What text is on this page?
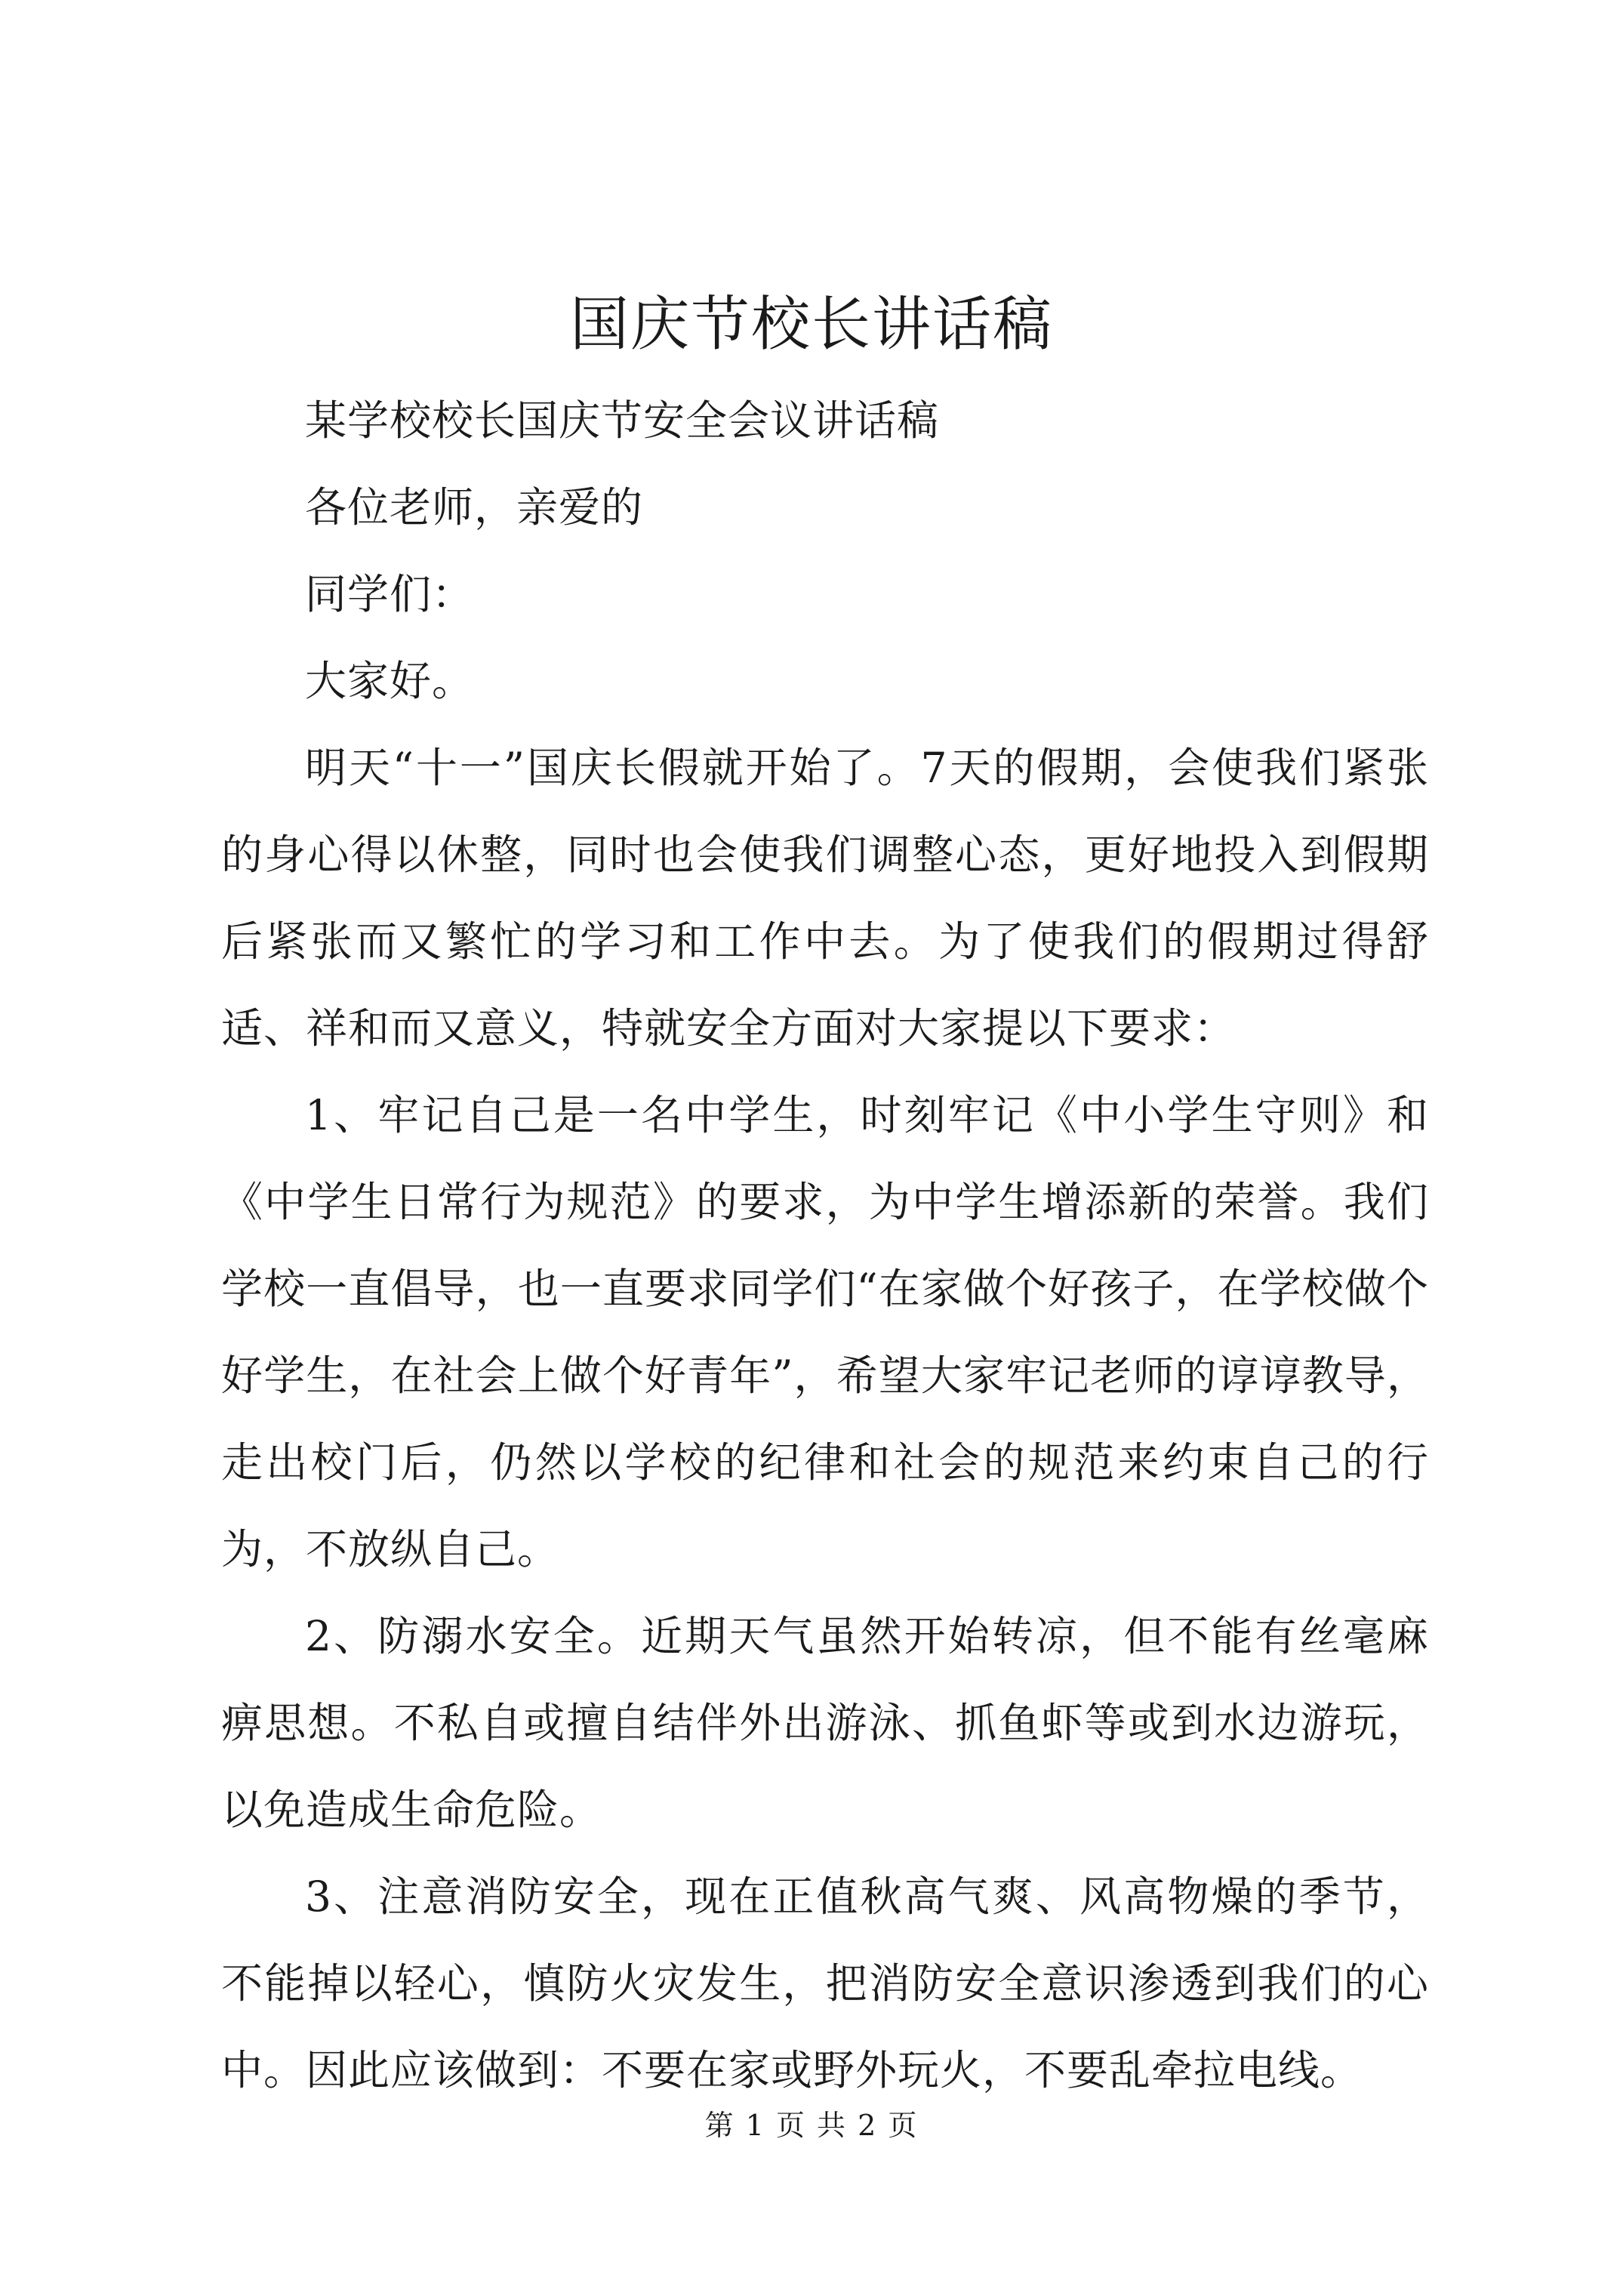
国庆节校长讲话稿

某学校校长国庆节安全会议讲话稿

各位老师，亲爱的

同学们：

大家好。

明天“十一”国庆长假就开始了。7天的假期，会使我们紧张的身心得以休整，同时也会使我们调整心态，更好地投入到假期后紧张而又繁忙的学习和工作中去。为了使我们的假期过得舒适、祥和而又意义，特就安全方面对大家提以下要求：

1、牢记自己是一名中学生，时刻牢记《中小学生守则》和《中学生日常行为规范》的要求，为中学生增添新的荣誉。我们学校一直倡导，也一直要求同学们“在家做个好孩子，在学校做个好学生，在社会上做个好青年”，希望大家牢记老师的谆谆教导，走出校门后，仍然以学校的纪律和社会的规范来约束自己的行为，不放纵自己。

2、防溺水安全。近期天气虽然开始转凉，但不能有丝毫麻痹思想。不私自或擅自结伴外出游泳、抓鱼虾等或到水边游玩，以免造成生命危险。

3、注意消防安全，现在正值秋高气爽、风高物燥的季节，不能掉以轻心，慎防火灾发生，把消防安全意识渗透到我们的心中。因此应该做到：不要在家或野外玩火，不要乱牵拉电线。

第 1 页 共 2 页
